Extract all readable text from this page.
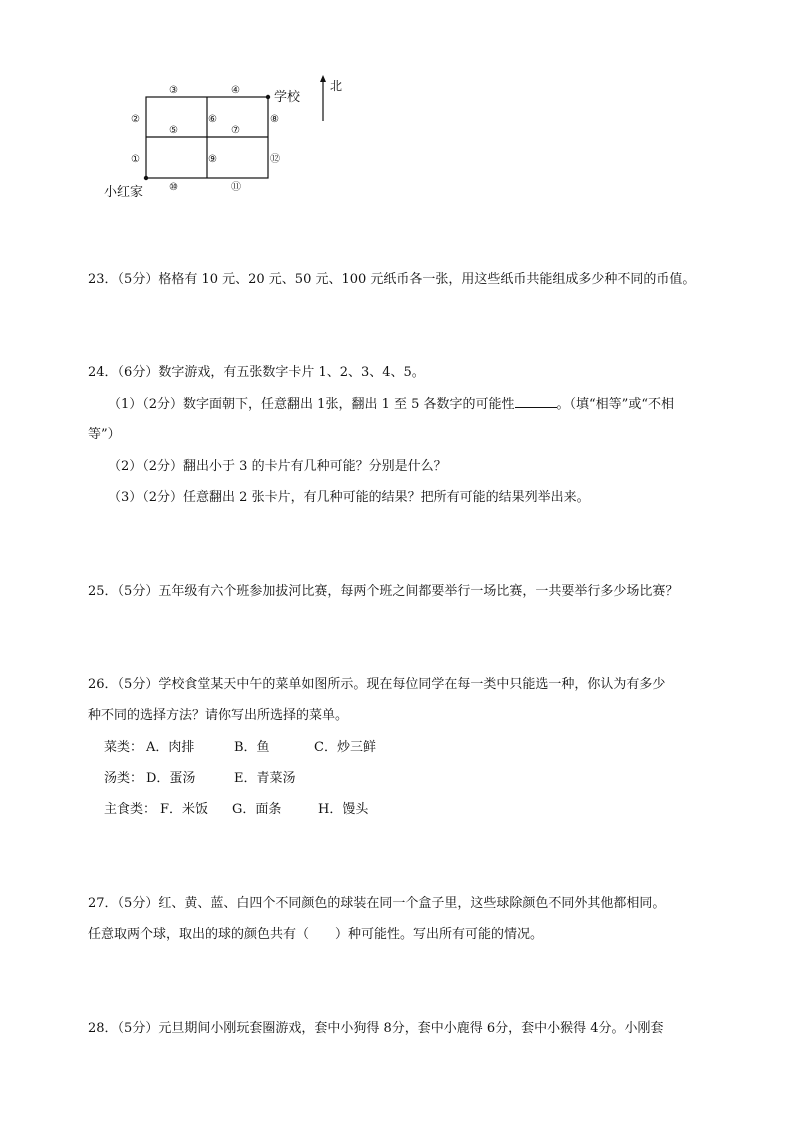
北
学校
小红家
①
②
③	④
⑤
⑥
⑦
⑧
⑨
⑩	⑪
⑫
23．（5分）格格有 10 元、20 元、50 元、100 元纸币各一张，用这些纸币共能组成多少种不同的币值。
24．（6分）数字游戏，有五张数字卡片 1、2、3、4、5。
（1）（2分）数字面朝下，任意翻出 1张，翻出 1 至 5 各数字的可能性	。（填“相等”或“不相
等”）
（2）（2分）翻出小于 3 的卡片有几种可能？分别是什么？
（3）（2分）任意翻出 2 张卡片，有几种可能的结果？把所有可能的结果列举出来。
25．（5分）五年级有六个班参加拔河比赛，每两个班之间都要举行一场比赛，一共要举行多少场比赛？
26．（5分）学校食堂某天中午的菜单如图所示。现在每位同学在每一类中只能选一种，你认为有多少
种不同的选择方法？请你写出所选择的菜单。
菜类： A．肉排	B．鱼	C．炒三鲜
汤类： D．蛋汤	E．青菜汤
主食类： F．米饭 G．面条	H．馒头
27．（5分）红、黄、蓝、白四个不同颜色的球装在同一个盒子里，这些球除颜色不同外其他都相同。
任意取两个球，取出的球的颜色共有（　　）种可能性。写出所有可能的情况。
28．（5分）元旦期间小刚玩套圈游戏，套中小狗得 8分，套中小鹿得 6分，套中小猴得 4分。小刚套
